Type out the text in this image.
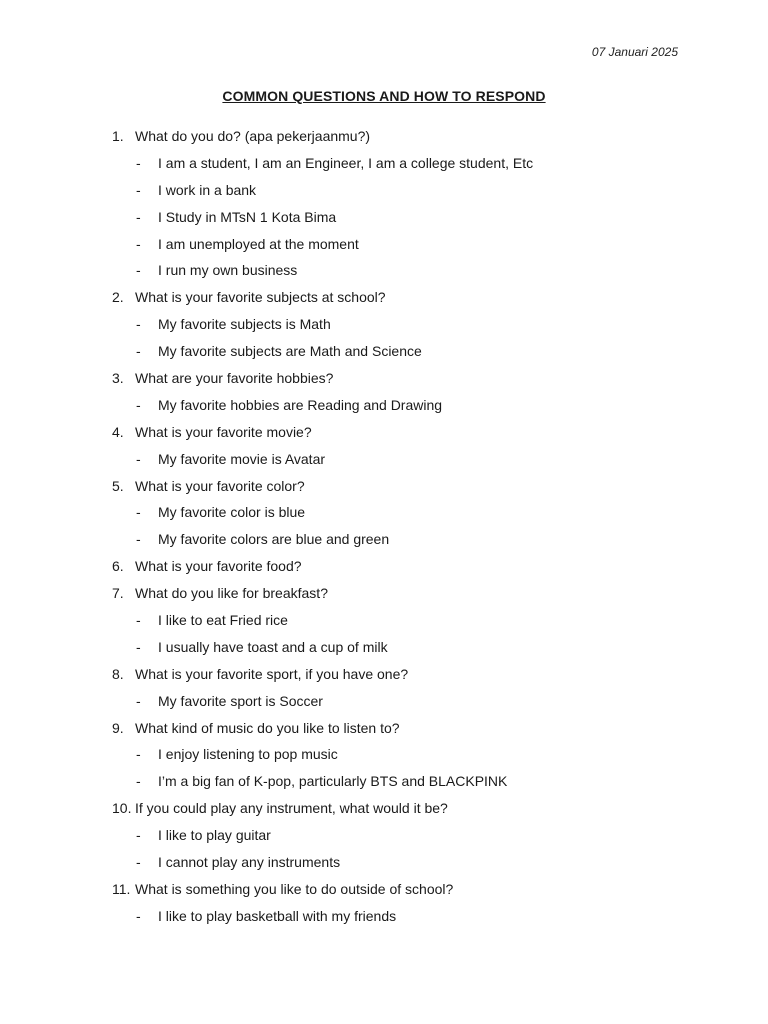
07 Januari 2025
COMMON QUESTIONS AND HOW TO RESPOND
1. What do you do? (apa pekerjaanmu?)
- I am a student, I am an Engineer, I am a college student, Etc
- I work in a bank
- I Study in MTsN 1 Kota Bima
- I am unemployed at the moment
- I run my own business
2. What is your favorite subjects at school?
- My favorite subjects is Math
- My favorite subjects are Math and Science
3. What are your favorite hobbies?
- My favorite hobbies are Reading and Drawing
4. What is your favorite movie?
- My favorite movie is Avatar
5. What is your favorite color?
- My favorite color is blue
- My favorite colors are blue and green
6. What is your favorite food?
7. What do you like for breakfast?
- I like to eat Fried rice
- I usually have toast and a cup of milk
8. What is your favorite sport, if you have one?
- My favorite sport is Soccer
9. What kind of music do you like to listen to?
- I enjoy listening to pop music
- I’m a big fan of K-pop, particularly BTS and BLACKPINK
10. If you could play any instrument, what would it be?
- I like to play guitar
- I cannot play any instruments
11. What is something you like to do outside of school?
- I like to play basketball with my friends
